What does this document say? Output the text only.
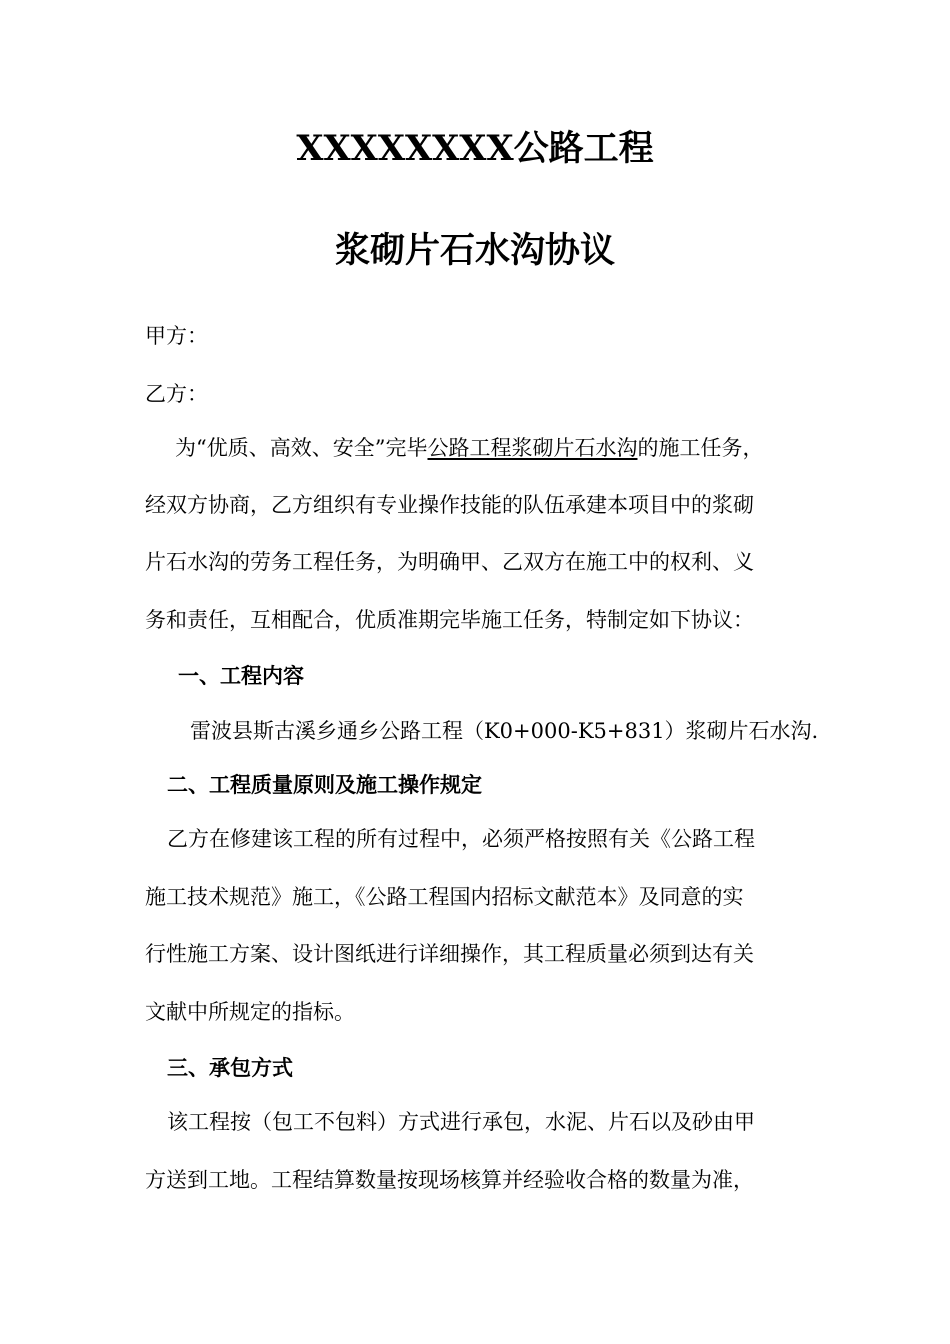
XXXXXXXX公路工程
浆砌片石水沟协议
甲方：
乙方：
为“优质、高效、安全”完毕公路工程浆砌片石水沟的施工任务，
经双方协商，乙方组织有专业操作技能的队伍承建本项目中的浆砌
片石水沟的劳务工程任务，为明确甲、乙双方在施工中的权利、义
务和责任，互相配合，优质准期完毕施工任务，特制定如下协议：
一、工程内容
雷波县斯古溪乡通乡公路工程（K0+000-K5+831）浆砌片石水沟.
二、工程质量原则及施工操作规定
乙方在修建该工程的所有过程中，必须严格按照有关《公路工程
施工技术规范》施工，《公路工程国内招标文献范本》及同意的实
行性施工方案、设计图纸进行详细操作，其工程质量必须到达有关
文献中所规定的指标。
三、承包方式
该工程按（包工不包料）方式进行承包，水泥、片石以及砂由甲
方送到工地。工程结算数量按现场核算并经验收合格的数量为准，
